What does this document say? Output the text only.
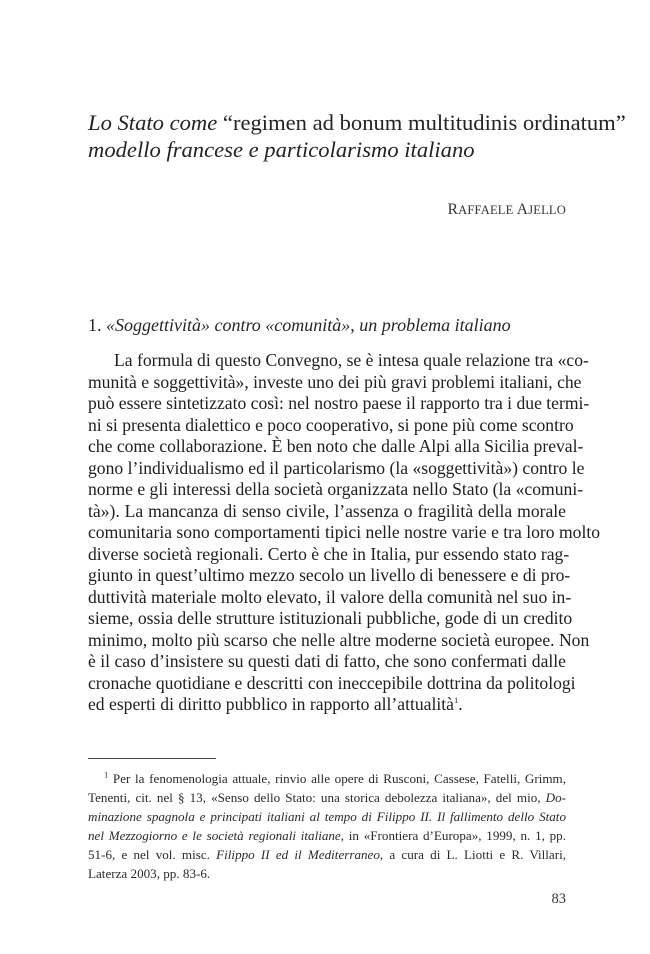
Lo Stato come “regimen ad bonum multitudinis ordinatum”
modello francese e particolarismo italiano
RAFFAELE AJELLO
1. «Soggettività» contro «comunità», un problema italiano
La formula di questo Convegno, se è intesa quale relazione tra «co-
munità e soggettività», investe uno dei più gravi problemi italiani, che
può essere sintetizzato così: nel nostro paese il rapporto tra i due termi-
ni si presenta dialettico e poco cooperativo, si pone più come scontro
che come collaborazione. È ben noto che dalle Alpi alla Sicilia preval-
gono l’individualismo ed il particolarismo (la «soggettività») contro le
norme e gli interessi della società organizzata nello Stato (la «comuni-
tà»). La mancanza di senso civile, l’assenza o fragilità della morale
comunitaria sono comportamenti tipici nelle nostre varie e tra loro molto
diverse società regionali. Certo è che in Italia, pur essendo stato rag-
giunto in quest’ultimo mezzo secolo un livello di benessere e di pro-
duttività materiale molto elevato, il valore della comunità nel suo in-
sieme, ossia delle strutture istituzionali pubbliche, gode di un credito
minimo, molto più scarso che nelle altre moderne società europee. Non
è il caso d’insistere su questi dati di fatto, che sono confermati dalle
cronache quotidiane e descritti con ineccepibile dottrina da politologi
ed esperti di diritto pubblico in rapporto all’attualità$^1$.
$^1$ Per la fenomenologia attuale, rinvio alle opere di Rusconi, Cassese, Fatelli, Grimm,
Tenenti, cit. nel § 13, «Senso dello Stato: una storica debolezza italiana», del mio, Do-
minazione spagnola e principati italiani al tempo di Filippo II. Il fallimento dello Stato
nel Mezzogiorno e le società regionali italiane, in «Frontiera d’Europa», 1999, n. 1, pp.
51-6, e nel vol. misc. Filippo II ed il Mediterraneo, a cura di L. Liotti e R. Villari,
Laterza 2003, pp. 83-6.
83
